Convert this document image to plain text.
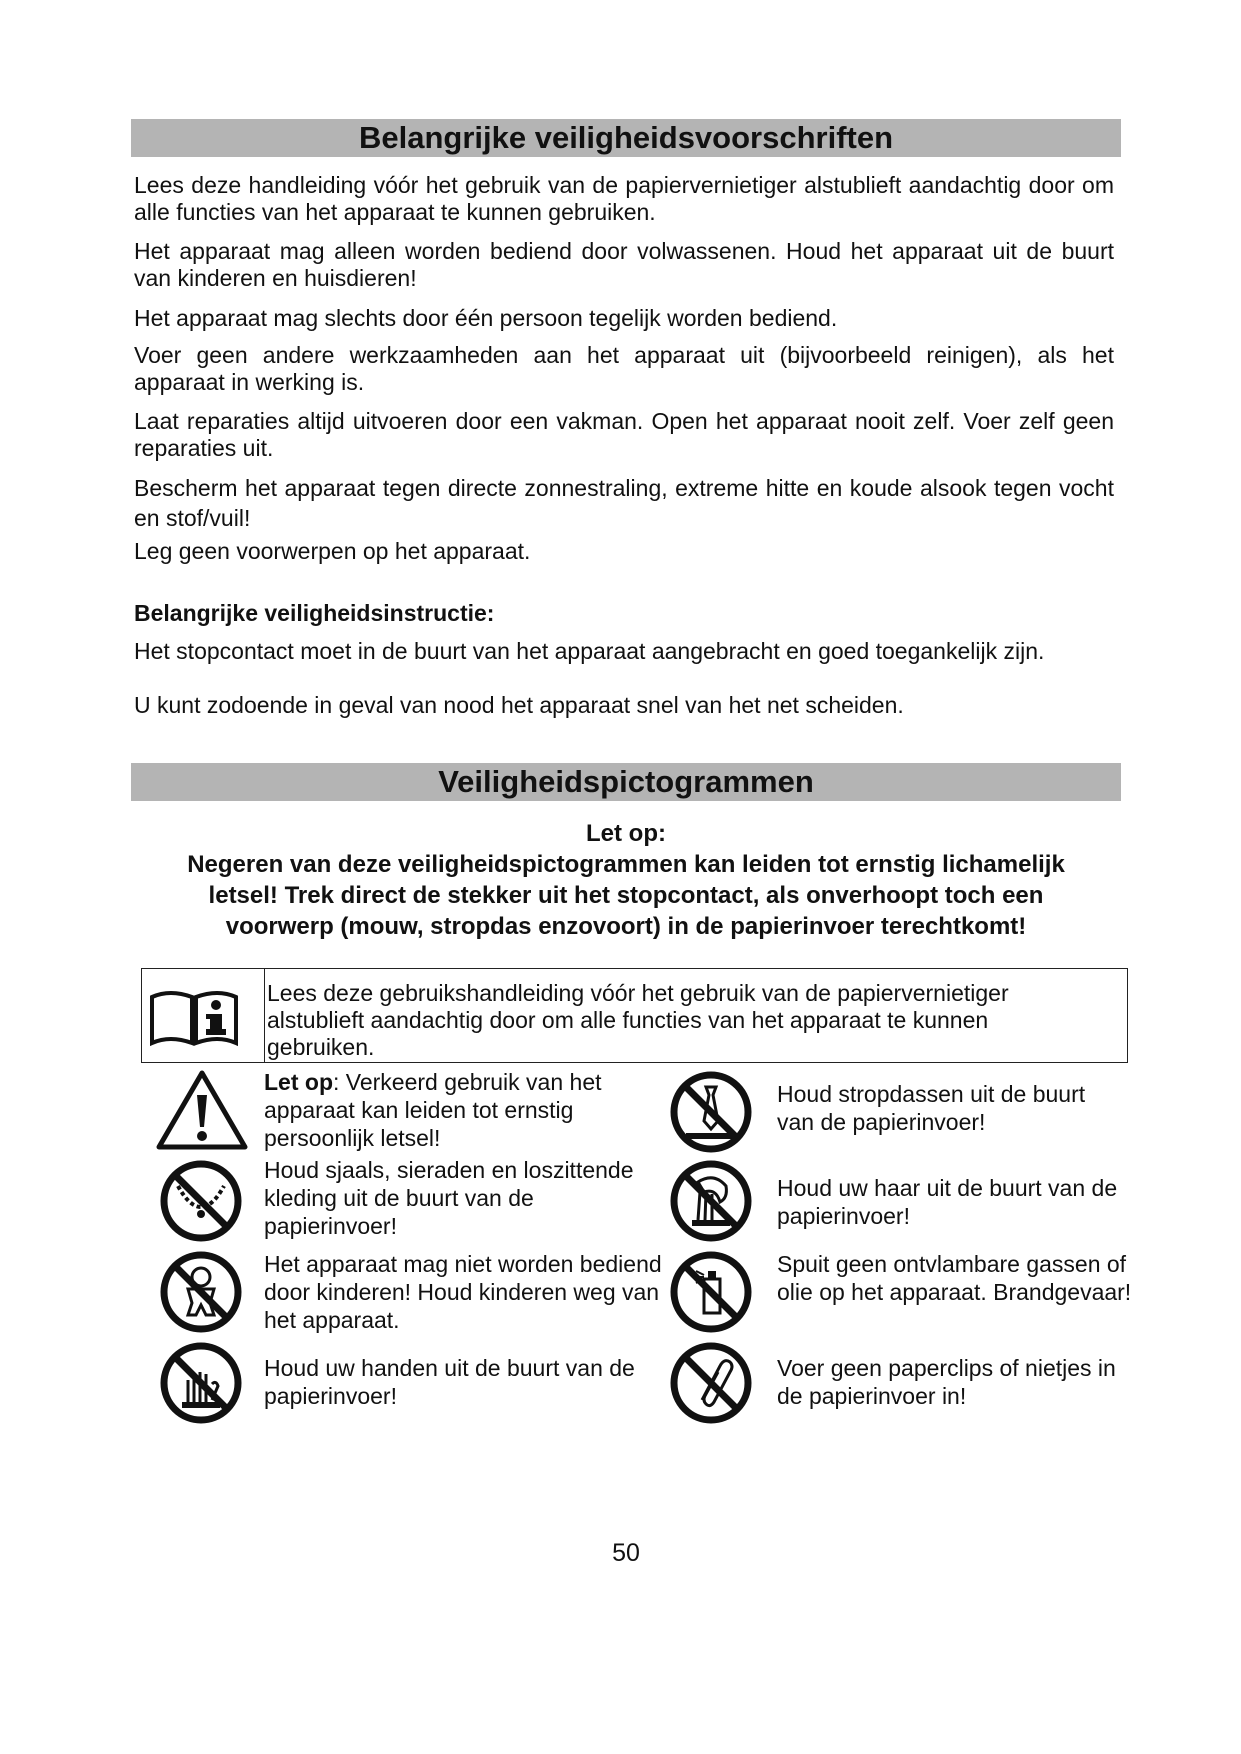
Belangrijke veiligheidsvoorschriften

Lees deze handleiding vóór het gebruik van de papiervernietiger alstublieft aandachtig door om alle functies van het apparaat te kunnen gebruiken.

Het apparaat mag alleen worden bediend door volwassenen. Houd het apparaat uit de buurt van kinderen en huisdieren!

Het apparaat mag slechts door één persoon tegelijk worden bediend.

Voer geen andere werkzaamheden aan het apparaat uit (bijvoorbeeld reinigen), als het apparaat in werking is.

Laat reparaties altijd uitvoeren door een vakman. Open het apparaat nooit zelf. Voer zelf geen reparaties uit.

Bescherm het apparaat tegen directe zonnestraling, extreme hitte en koude alsook tegen vocht en stof/vuil!

Leg geen voorwerpen op het apparaat.

Belangrijke veiligheidsinstructie:

Het stopcontact moet in de buurt van het apparaat aangebracht en goed toegankelijk zijn.

U kunt zodoende in geval van nood het apparaat snel van het net scheiden.

Veiligheidspictogrammen
Let op:
Negeren van deze veiligheidspictogrammen kan leiden tot ernstig lichamelijk
letsel! Trek direct de stekker uit het stopcontact, als onverhoopt toch een
voorwerp (mouw, stropdas enzovoort) in de papierinvoer terechtkomt!
Lees deze gebruikshandleiding vóór het gebruik van de papiervernietiger alstublieft aandachtig door om alle functies van het apparaat te kunnen gebruiken.

Let op: Verkeerd gebruik van het apparaat kan leiden tot ernstig persoonlijk letsel!

Houd stropdassen uit de buurt van de papierinvoer!

Houd sjaals, sieraden en loszittende kleding uit de buurt van de papierinvoer!

Houd uw haar uit de buurt van de papierinvoer!

Het apparaat mag niet worden bediend door kinderen! Houd kinderen weg van het apparaat.

Spuit geen ontvlambare gassen of olie op het apparaat. Brandgevaar!

Houd uw handen uit de buurt van de papierinvoer!

Voer geen paperclips of nietjes in de papierinvoer in!

50
